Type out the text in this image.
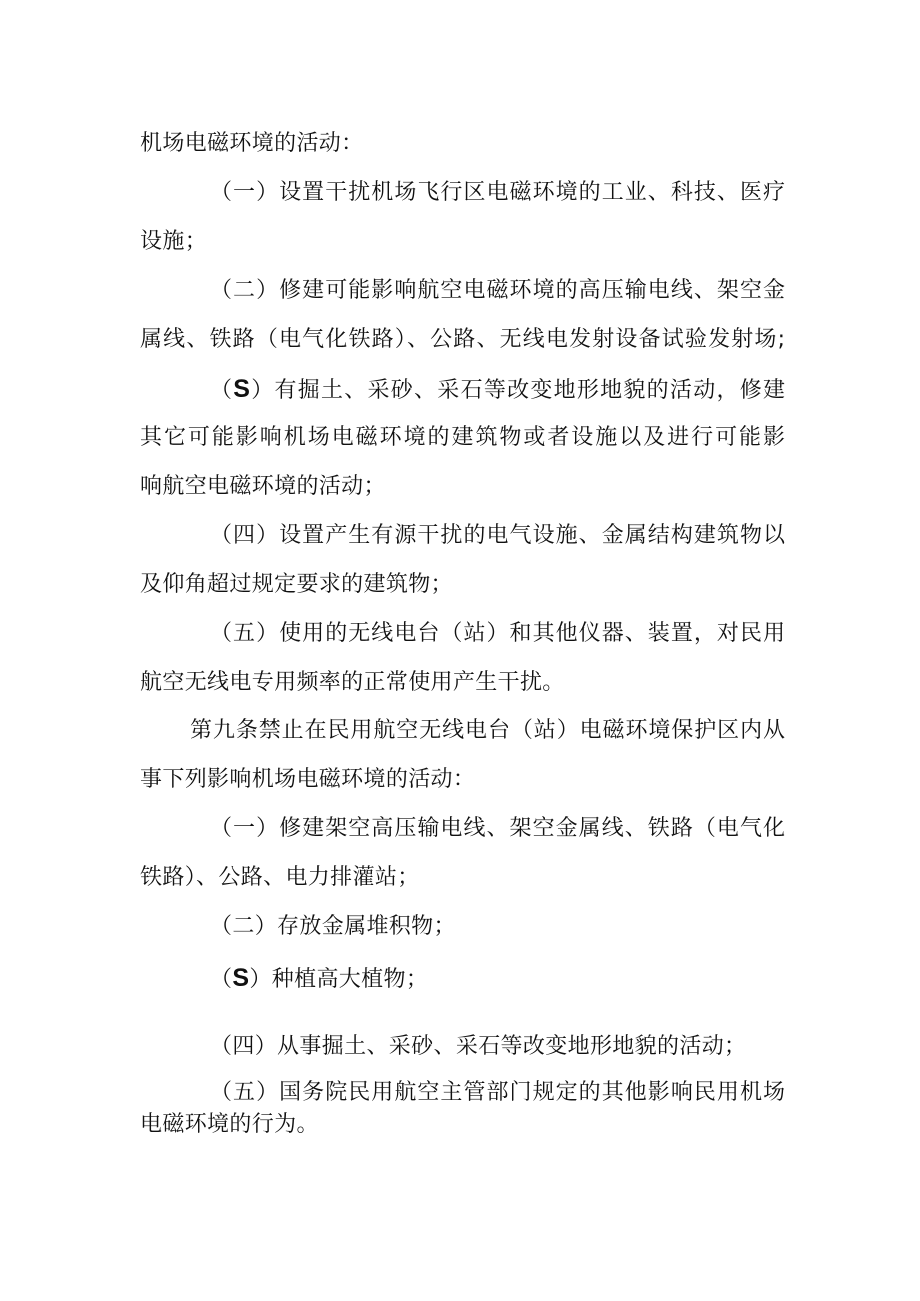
机场电磁环境的活动：
（一）设置干扰机场飞行区电磁环境的工业、科技、医疗
设施；
（二）修建可能影响航空电磁环境的高压输电线、架空金
属线、铁路（电气化铁路）、公路、无线电发射设备试验发射场;
（S）有掘土、采砂、采石等改变地形地貌的活动，修建
其它可能影响机场电磁环境的建筑物或者设施以及进行可能影
响航空电磁环境的活动；
（四）设置产生有源干扰的电气设施、金属结构建筑物以
及仰角超过规定要求的建筑物；
（五）使用的无线电台（站）和其他仪器、装置，对民用
航空无线电专用频率的正常使用产生干扰。
第九条禁止在民用航空无线电台（站）电磁环境保护区内从
事下列影响机场电磁环境的活动：
（一）修建架空高压输电线、架空金属线、铁路（电气化
铁路）、公路、电力排灌站；
（二）存放金属堆积物；
（S）种植高大植物；
（四）从事掘土、采砂、采石等改变地形地貌的活动；
（五）国务院民用航空主管部门规定的其他影响民用机场
电磁环境的行为。
